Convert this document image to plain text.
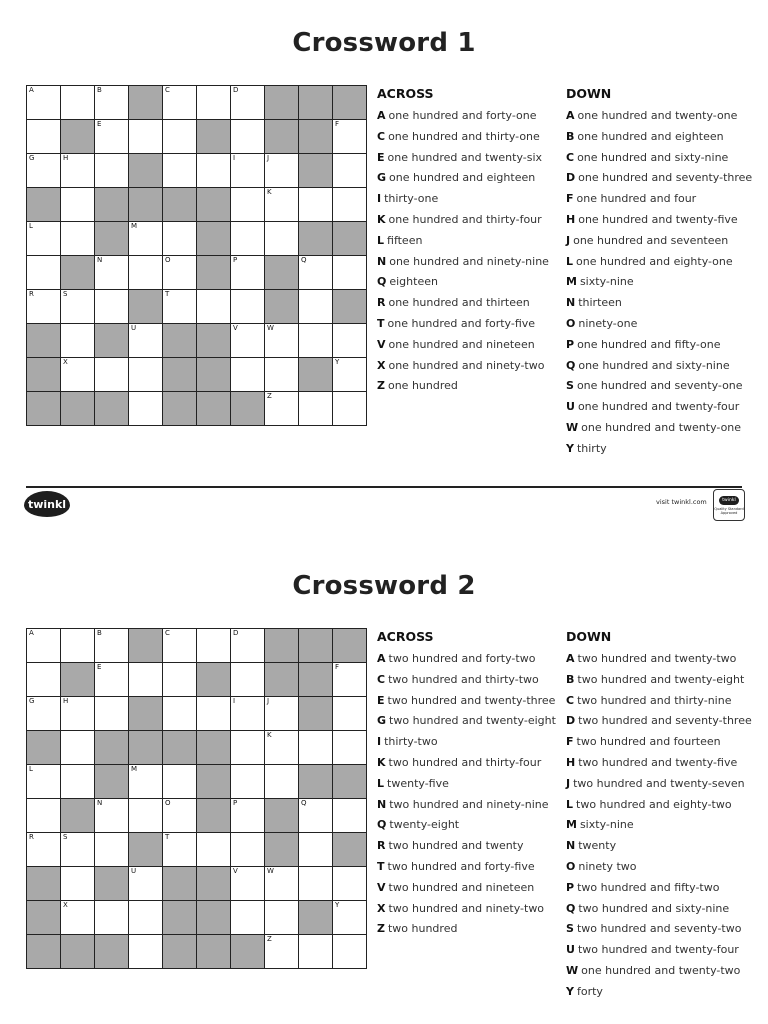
Crossword 1
A	B	C	D
E	F
G	H	I	J
K
L	M
N	O	P	Q
R	S	T
U	V	W
X	Y
Z
ACROSS
A one hundred and forty-one
C one hundred and thirty-one
E one hundred and twenty-six
G one hundred and eighteen
I thirty-one
K one hundred and thirty-four
L fifteen
N one hundred and ninety-nine
Q eighteen
R one hundred and thirteen
T one hundred and forty-five
V one hundred and nineteen
X one hundred and ninety-two
Z one hundred
DOWN
A one hundred and twenty-one
B one hundred and eighteen
C one hundred and sixty-nine
D one hundred and seventy-three
F one hundred and four
H one hundred and twenty-five
J one hundred and seventeen
L one hundred and eighty-one
M sixty-nine
N thirteen
O ninety-one
P one hundred and fifty-one
Q one hundred and sixty-nine
S one hundred and seventy-one
U one hundred and twenty-four
W one hundred and twenty-one
Y thirty
twinkl	visit twinkl.com	twinkl
Quality Standard Approved
Crossword 2
A	B	C	D
E	F
G	H	I	J
K
L	M
N	O	P	Q
R	S	T
U	V	W
X	Y
Z
ACROSS
A two hundred and forty-two
C two hundred and thirty-two
E two hundred and twenty-three
G two hundred and twenty-eight
I thirty-two
K two hundred and thirty-four
L twenty-five
N two hundred and ninety-nine
Q twenty-eight
R two hundred and twenty
T two hundred and forty-five
V two hundred and nineteen
X two hundred and ninety-two
Z two hundred
DOWN
A two hundred and twenty-two
B two hundred and twenty-eight
C two hundred and thirty-nine
D two hundred and seventy-three
F two hundred and fourteen
H two hundred and twenty-five
J two hundred and twenty-seven
L two hundred and eighty-two
M sixty-nine
N twenty
O ninety two
P two hundred and fifty-two
Q two hundred and sixty-nine
S two hundred and seventy-two
U two hundred and twenty-four
W one hundred and twenty-two
Y forty
